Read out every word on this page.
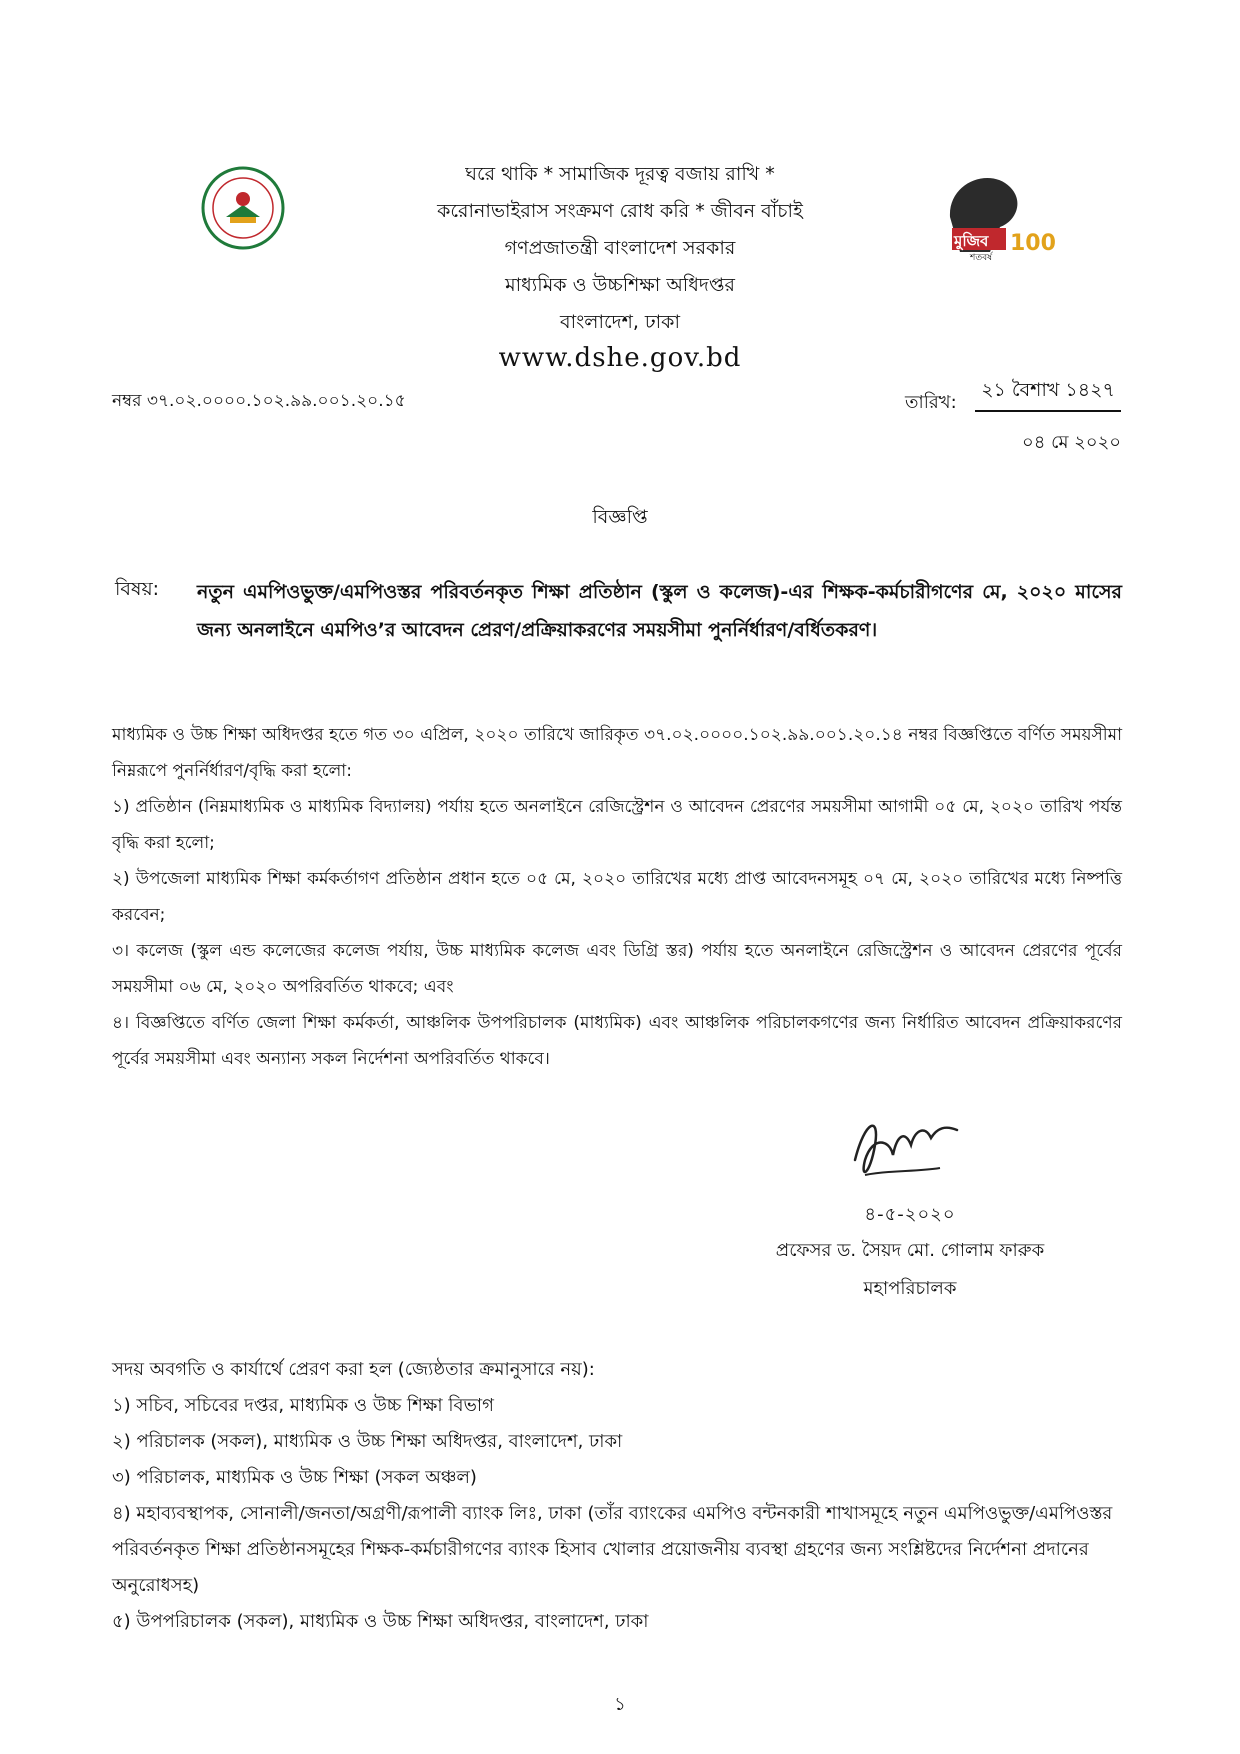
মুজিব
শতবর্ষ
100
ঘরে থাকি * সামাজিক দূরত্ব বজায় রাখি *
করোনাভাইরাস সংক্রমণ রোধ করি * জীবন বাঁচাই
গণপ্রজাতন্ত্রী বাংলাদেশ সরকার
মাধ্যমিক ও উচ্চশিক্ষা অধিদপ্তর
বাংলাদেশ, ঢাকা
www.dshe.gov.bd
নম্বর ৩৭.০২.০০০০.১০২.৯৯.০০১.২০.১৫	তারিখ:
২১ বৈশাখ ১৪২৭
০৪ মে ২০২০
বিজ্ঞপ্তি
বিষয়: নতুন এমপিওভুক্ত/এমপিওস্তর পরিবর্তনকৃত শিক্ষা প্রতিষ্ঠান (স্কুল ও কলেজ)-এর শিক্ষক-কর্মচারীগণের মে, ২০২০ মাসের জন্য অনলাইনে এমপিও’র আবেদন প্রেরণ/প্রক্রিয়াকরণের সময়সীমা পুনর্নির্ধারণ/বর্ধিতকরণ।
মাধ্যমিক ও উচ্চ শিক্ষা অধিদপ্তর হতে গত ৩০ এপ্রিল, ২০২০ তারিখে জারিকৃত ৩৭.০২.০০০০.১০২.৯৯.০০১.২০.১৪ নম্বর বিজ্ঞপ্তিতে বর্ণিত সময়সীমা নিম্নরূপে পুনর্নির্ধারণ/বৃদ্ধি করা হলো:
১) প্রতিষ্ঠান (নিম্নমাধ্যমিক ও মাধ্যমিক বিদ্যালয়) পর্যায় হতে অনলাইনে রেজিস্ট্রেশন ও আবেদন প্রেরণের সময়সীমা আগামী ০৫ মে, ২০২০ তারিখ পর্যন্ত বৃদ্ধি করা হলো;
২) উপজেলা মাধ্যমিক শিক্ষা কর্মকর্তাগণ প্রতিষ্ঠান প্রধান হতে ০৫ মে, ২০২০ তারিখের মধ্যে প্রাপ্ত আবেদনসমূহ ০৭ মে, ২০২০ তারিখের মধ্যে নিষ্পত্তি করবেন;
৩। কলেজ (স্কুল এন্ড কলেজের কলেজ পর্যায়, উচ্চ মাধ্যমিক কলেজ এবং ডিগ্রি স্তর) পর্যায় হতে অনলাইনে রেজিস্ট্রেশন ও আবেদন প্রেরণের পূর্বের সময়সীমা ০৬ মে, ২০২০ অপরিবর্তিত থাকবে; এবং
৪। বিজ্ঞপ্তিতে বর্ণিত জেলা শিক্ষা কর্মকর্তা, আঞ্চলিক উপপরিচালক (মাধ্যমিক) এবং আঞ্চলিক পরিচালকগণের জন্য নির্ধারিত আবেদন প্রক্রিয়াকরণের পূর্বের সময়সীমা এবং অন্যান্য সকল নির্দেশনা অপরিবর্তিত থাকবে।
৪-৫-২০২০
প্রফেসর ড. সৈয়দ মো. গোলাম ফারুক
মহাপরিচালক
সদয় অবগতি ও কার্যার্থে প্রেরণ করা হল (জ্যেষ্ঠতার ক্রমানুসারে নয়):
১) সচিব, সচিবের দপ্তর, মাধ্যমিক ও উচ্চ শিক্ষা বিভাগ
২) পরিচালক (সকল), মাধ্যমিক ও উচ্চ শিক্ষা অধিদপ্তর, বাংলাদেশ, ঢাকা
৩) পরিচালক, মাধ্যমিক ও উচ্চ শিক্ষা (সকল অঞ্চল)
৪) মহাব্যবস্থাপক, সোনালী/জনতা/অগ্রণী/রূপালী ব্যাংক লিঃ, ঢাকা (তাঁর ব্যাংকের এমপিও বন্টনকারী শাখাসমূহে নতুন এমপিওভুক্ত/এমপিওস্তর পরিবর্তনকৃত শিক্ষা প্রতিষ্ঠানসমূহের শিক্ষক-কর্মচারীগণের ব্যাংক হিসাব খোলার প্রয়োজনীয় ব্যবস্থা গ্রহণের জন্য সংশ্লিষ্টদের নির্দেশনা প্রদানের অনুরোধসহ)
৫) উপপরিচালক (সকল), মাধ্যমিক ও উচ্চ শিক্ষা অধিদপ্তর, বাংলাদেশ, ঢাকা
১
